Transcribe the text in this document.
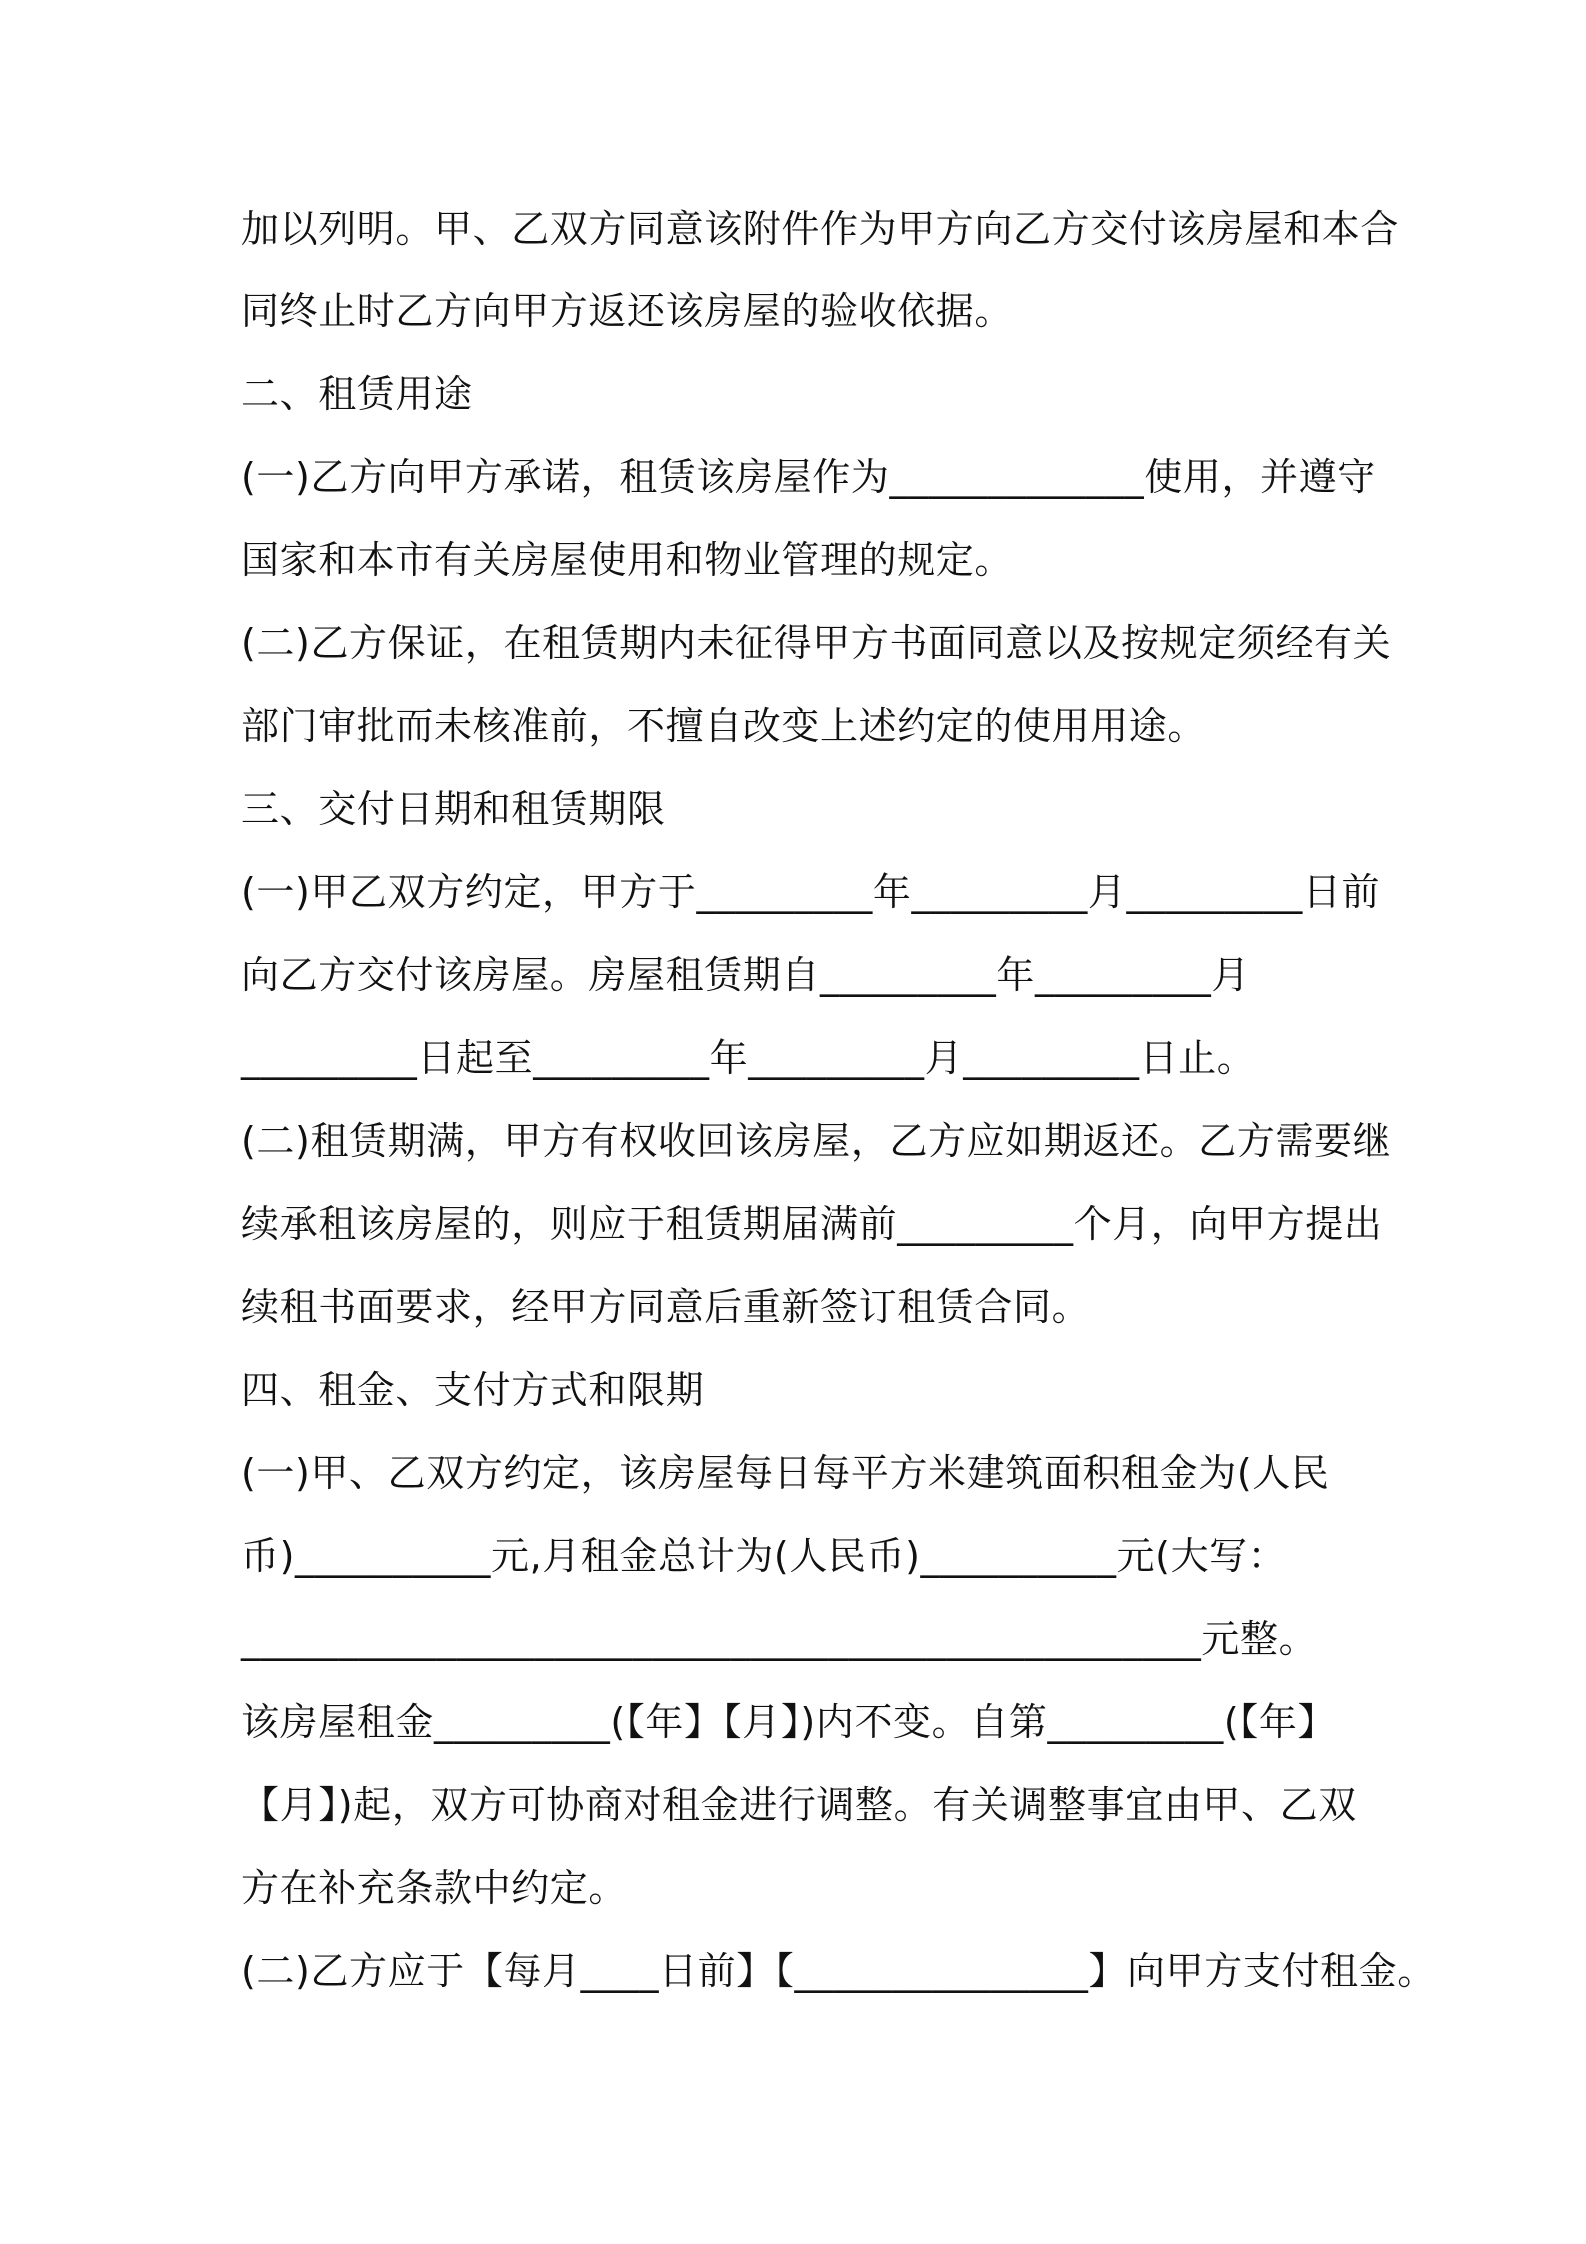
加以列明。甲、乙双方同意该附件作为甲方向乙方交付该房屋和本合

同终止时乙方向甲方返还该房屋的验收依据。

二、租赁用途

(一)乙方向甲方承诺，租赁该房屋作为_____________使用，并遵守

国家和本市有关房屋使用和物业管理的规定。

(二)乙方保证，在租赁期内未征得甲方书面同意以及按规定须经有关

部门审批而未核准前，不擅自改变上述约定的使用用途。

三、交付日期和租赁期限

(一)甲乙双方约定，甲方于_________年_________月_________日前

向乙方交付该房屋。房屋租赁期自_________年_________月

_________日起至_________年_________月_________日止。

(二)租赁期满，甲方有权收回该房屋，乙方应如期返还。乙方需要继

续承租该房屋的，则应于租赁期届满前_________个月，向甲方提出

续租书面要求，经甲方同意后重新签订租赁合同。

四、租金、支付方式和限期

(一)甲、乙双方约定，该房屋每日每平方米建筑面积租金为(人民

币)__________元,月租金总计为(人民币)__________元(大写：

_________________________________________________元整。

该房屋租金_________(【年】【月】)内不变。自第_________(【年】

【月】)起，双方可协商对租金进行调整。有关调整事宜由甲、乙双

方在补充条款中约定。

(二)乙方应于【每月____日前】【_______________】向甲方支付租金。
